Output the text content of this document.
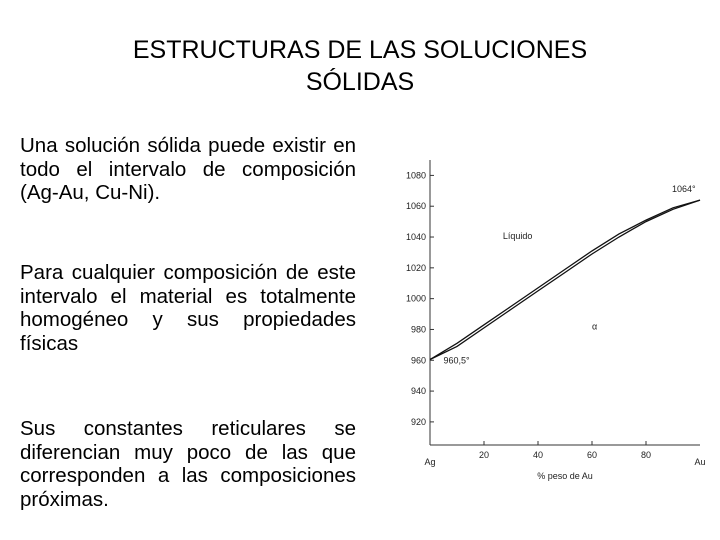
ESTRUCTURAS DE LAS SOLUCIONES
SÓLIDAS
Una solución sólida puede existir en todo el intervalo de composición (Ag-Au, Cu-Ni).
Para cualquier composición de este intervalo el material es totalmente homogéneo y sus propiedades físicas
Sus constantes reticulares se diferencian muy poco de las que corresponden a las composiciones próximas.
920
940
960
980
1000
1020
1040
1060
1080
20	40	60	80
Ag	Au
% peso de Au
Líquido
α
960,5°
1064°
